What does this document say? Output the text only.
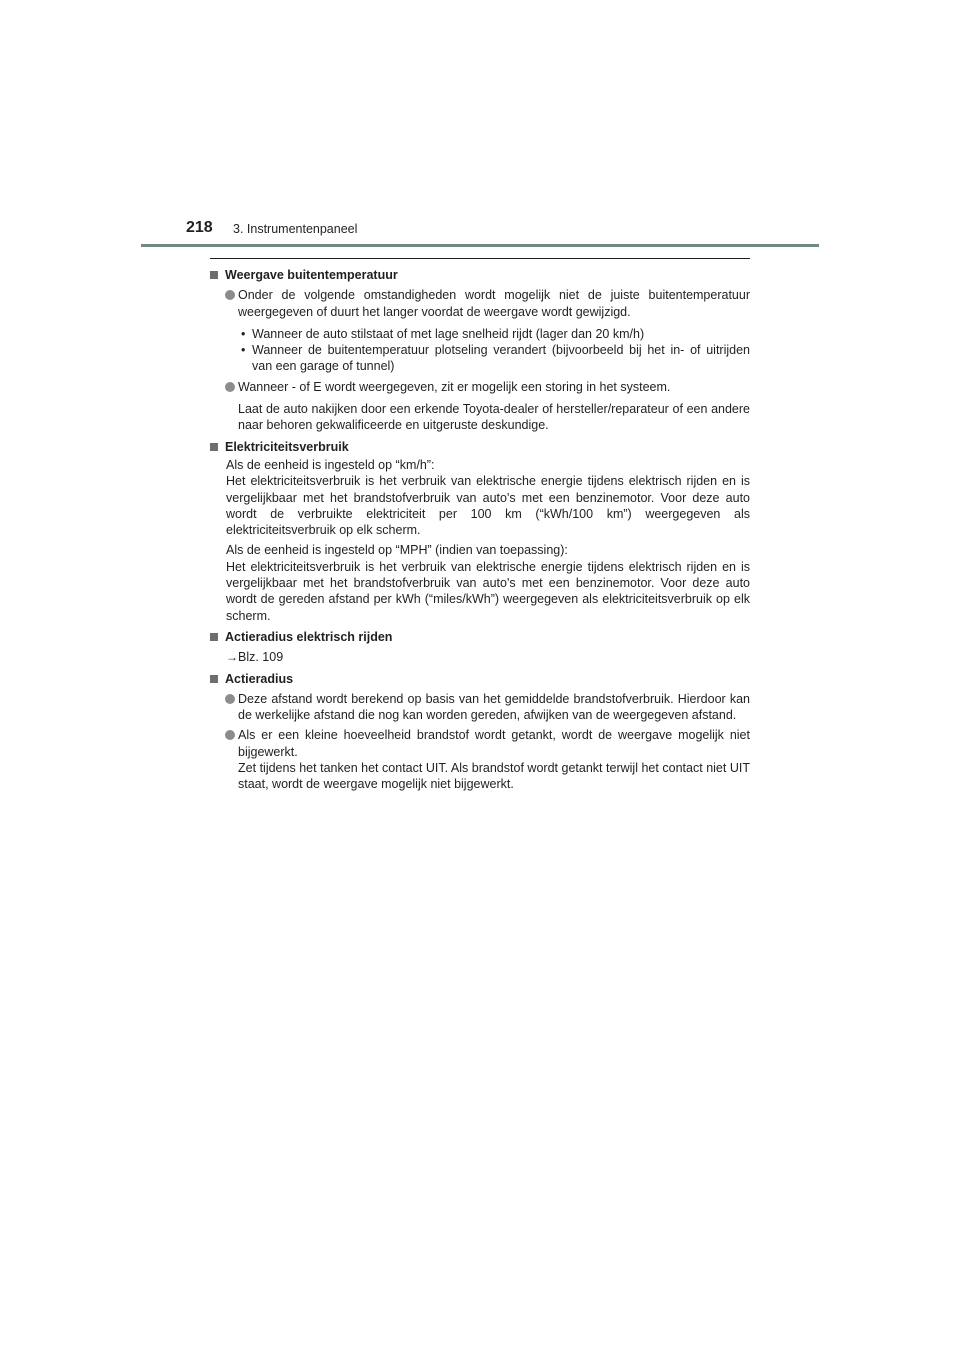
218 3. Instrumentenpaneel
Weergave buitentemperatuur
Onder de volgende omstandigheden wordt mogelijk niet de juiste buitentemperatuur weergegeven of duurt het langer voordat de weergave wordt gewijzigd.
• Wanneer de auto stilstaat of met lage snelheid rijdt (lager dan 20 km/h)
• Wanneer de buitentemperatuur plotseling verandert (bijvoorbeeld bij het in- of uitrijden van een garage of tunnel)
Wanneer - of E wordt weergegeven, zit er mogelijk een storing in het systeem.
Laat de auto nakijken door een erkende Toyota-dealer of hersteller/reparateur of een andere naar behoren gekwalificeerde en uitgeruste deskundige.
Elektriciteitsverbruik

Als de eenheid is ingesteld op “km/h”:
Het elektriciteitsverbruik is het verbruik van elektrische energie tijdens elektrisch rijden en is vergelijkbaar met het brandstofverbruik van auto's met een benzinemotor. Voor deze auto wordt de verbruikte elektriciteit per 100 km (“kWh/100 km”) weergegeven als elektriciteitsverbruik op elk scherm.

Als de eenheid is ingesteld op “MPH” (indien van toepassing):
Het elektriciteitsverbruik is het verbruik van elektrische energie tijdens elektrisch rijden en is vergelijkbaar met het brandstofverbruik van auto's met een benzinemotor. Voor deze auto wordt de gereden afstand per kWh (“miles/kWh”) weergegeven als elektriciteitsverbruik op elk scherm.

Actieradius elektrisch rijden
→Blz. 109
Actieradius
Deze afstand wordt berekend op basis van het gemiddelde brandstofverbruik. Hierdoor kan de werkelijke afstand die nog kan worden gereden, afwijken van de weergegeven afstand.
Als er een kleine hoeveelheid brandstof wordt getankt, wordt de weergave mogelijk niet bijgewerkt.
Zet tijdens het tanken het contact UIT. Als brandstof wordt getankt terwijl het contact niet UIT staat, wordt de weergave mogelijk niet bijgewerkt.
